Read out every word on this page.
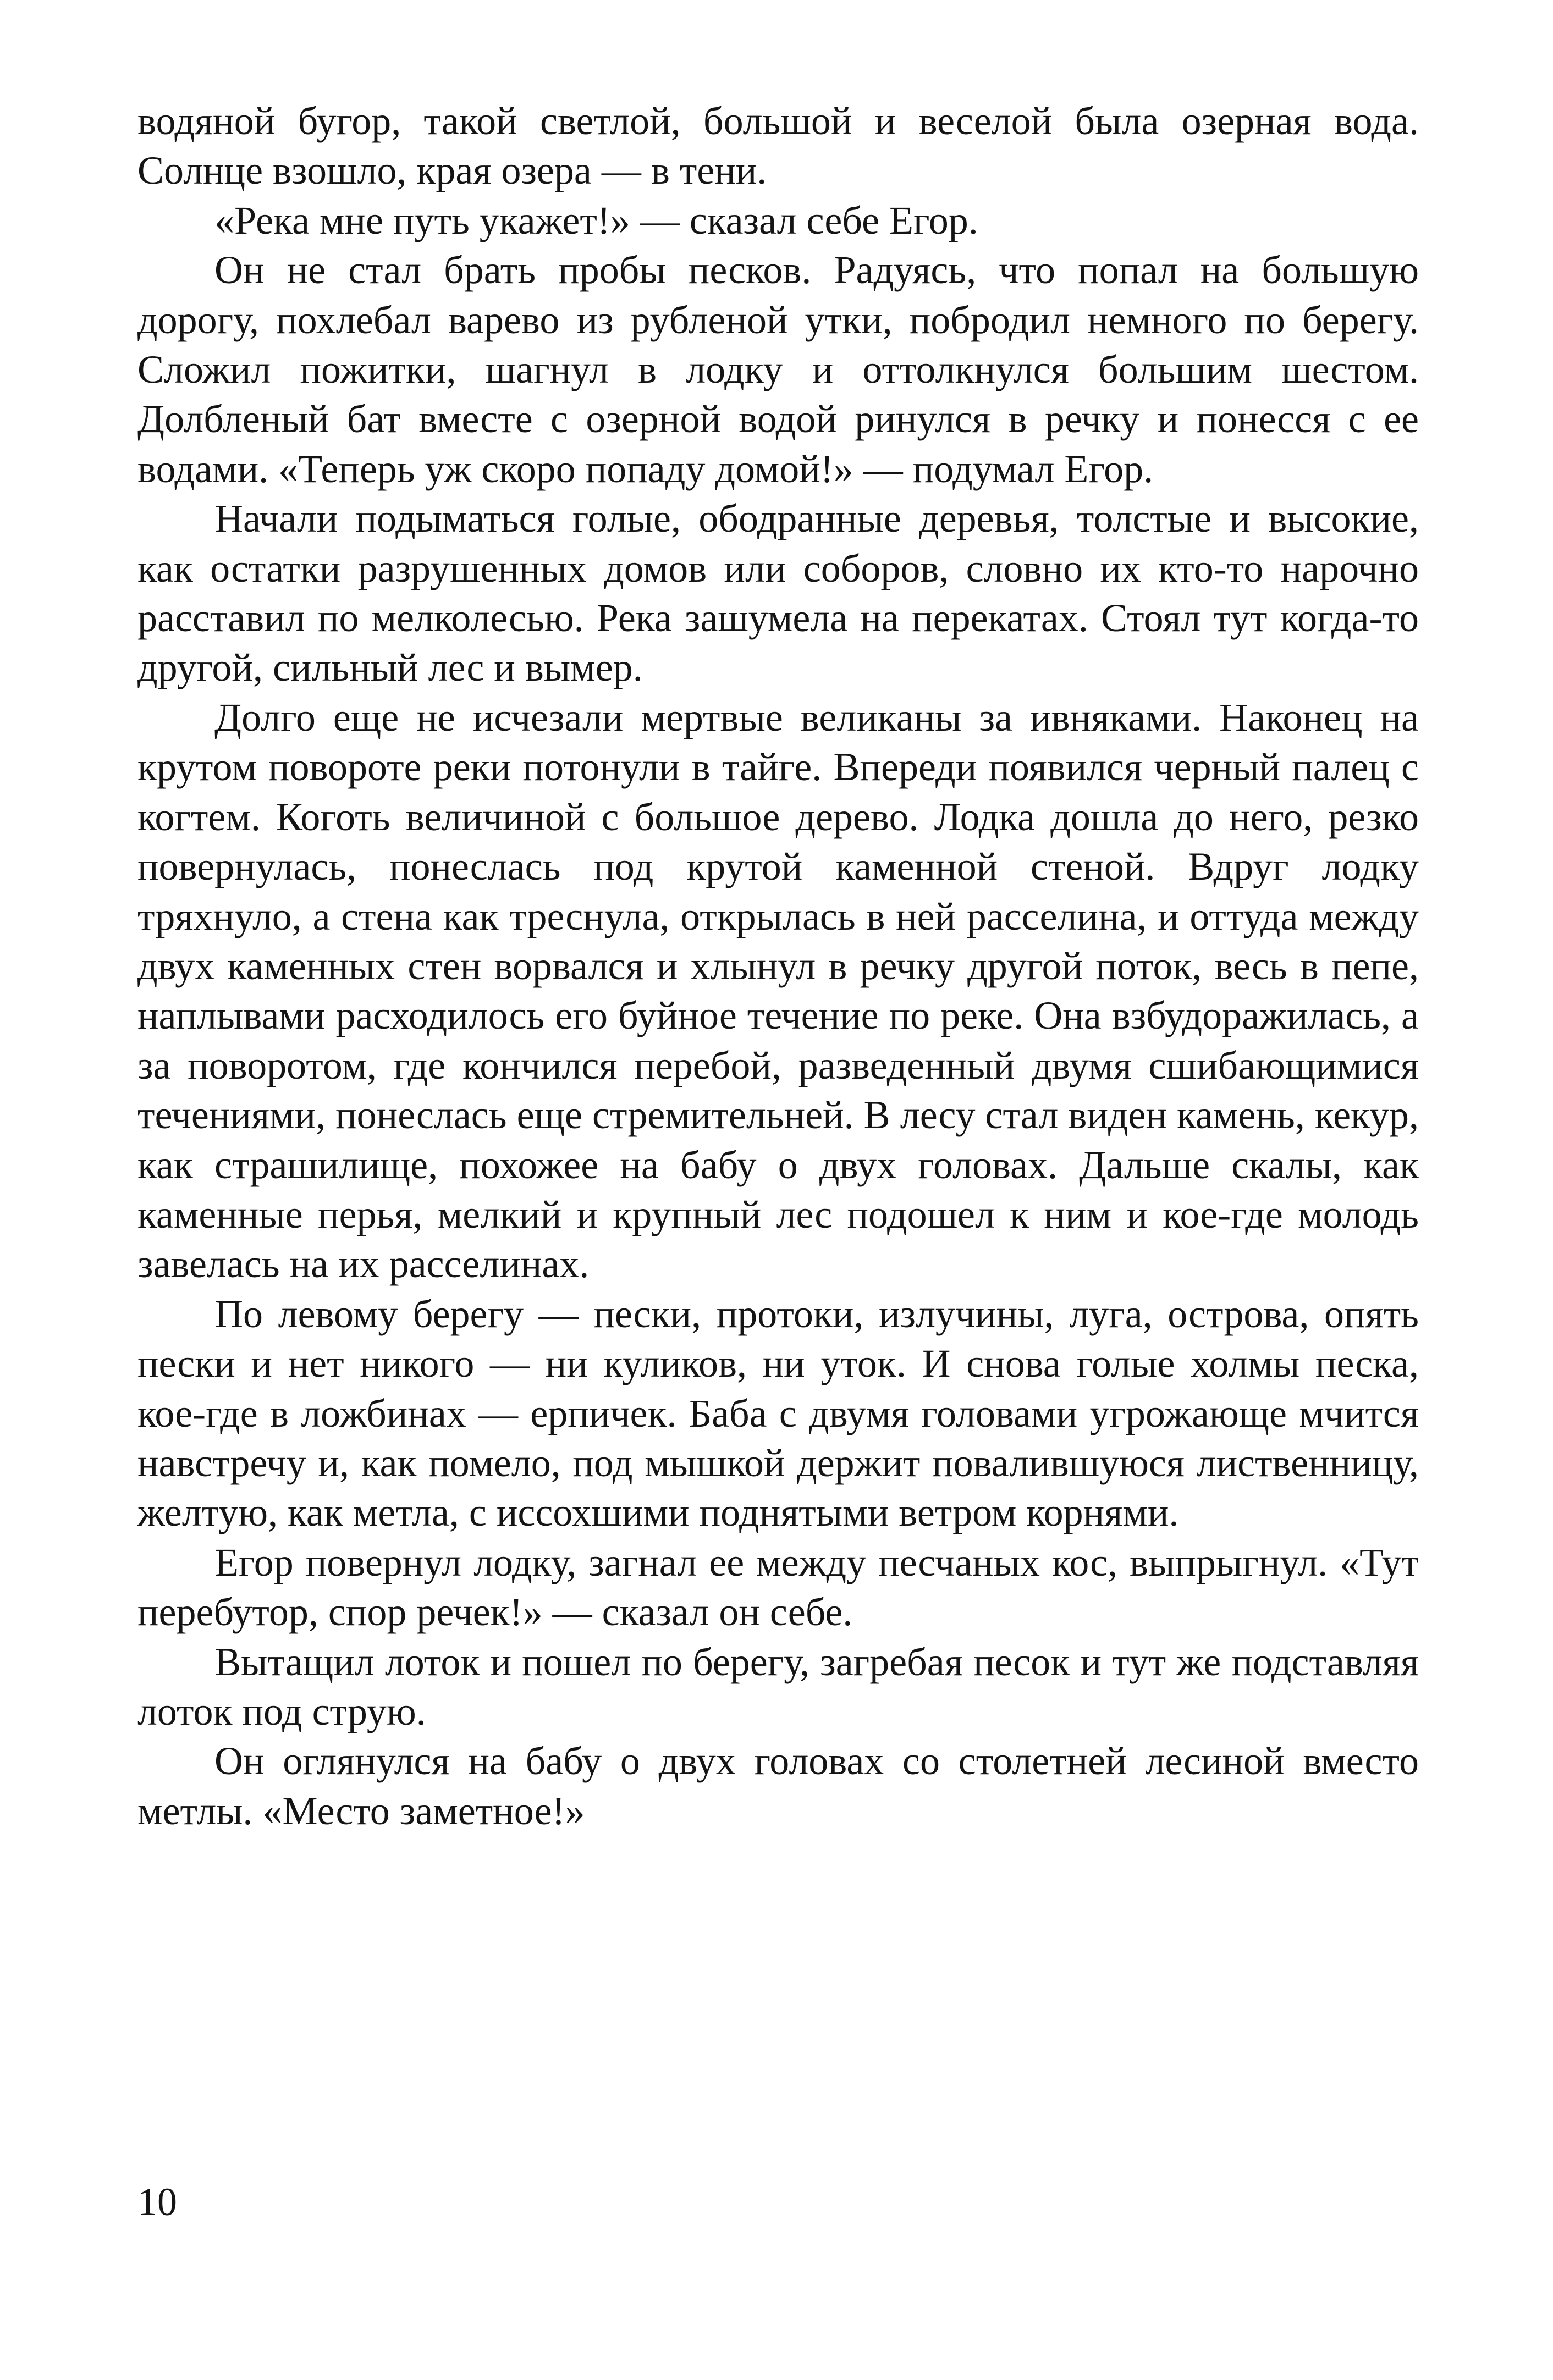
водяной бугор, такой светлой, большой и веселой была озерная вода. Солнце взошло, края озера — в тени.

«Река мне путь укажет!» — сказал себе Егор.

Он не стал брать пробы песков. Радуясь, что попал на большую дорогу, похлебал варево из рубленой утки, побродил немного по берегу. Сложил пожитки, шагнул в лодку и оттолкнулся большим шестом. Долбленый бат вместе с озерной водой ринулся в речку и понесся с ее водами. «Теперь уж скоро попаду домой!» — подумал Егор.

Начали подыматься голые, ободранные деревья, толстые и высокие, как остатки разрушенных домов или соборов, словно их кто-то нарочно расставил по мелколесью. Река зашумела на перекатах. Стоял тут когда-то другой, сильный лес и вымер.

Долго еще не исчезали мертвые великаны за ивняками. Наконец на крутом повороте реки потонули в тайге. Впереди появился черный палец с когтем. Коготь величиной с большое дерево. Лодка дошла до него, резко повернулась, понеслась под крутой каменной стеной. Вдруг лодку тряхнуло, а стена как треснула, открылась в ней расселина, и оттуда между двух каменных стен ворвался и хлынул в речку другой поток, весь в пепе, наплывами расходилось его буйное течение по реке. Она взбудоражилась, а за поворотом, где кончился перебой, разведенный двумя сшибающимися течениями, понеслась еще стремительней. В лесу стал виден камень, кекур, как страшилище, похожее на бабу о двух головах. Дальше скалы, как каменные перья, мелкий и крупный лес подошел к ним и кое-где молодь завелась на их расселинах.

По левому берегу — пески, протоки, излучины, луга, острова, опять пески и нет никого — ни куликов, ни уток. И снова голые холмы песка, кое-где в ложбинах — ерпичек. Баба с двумя головами угрожающе мчится навстречу и, как помело, под мышкой держит повалившуюся лиственницу, желтую, как метла, с иссохшими поднятыми ветром корнями.

Егор повернул лодку, загнал ее между песчаных кос, выпрыгнул. «Тут перебутор, спор речек!» — сказал он себе.

Вытащил лоток и пошел по берегу, загребая песок и тут же подставляя лоток под струю.

Он оглянулся на бабу о двух головах со столетней лесиной вместо метлы. «Место заметное!»

10
